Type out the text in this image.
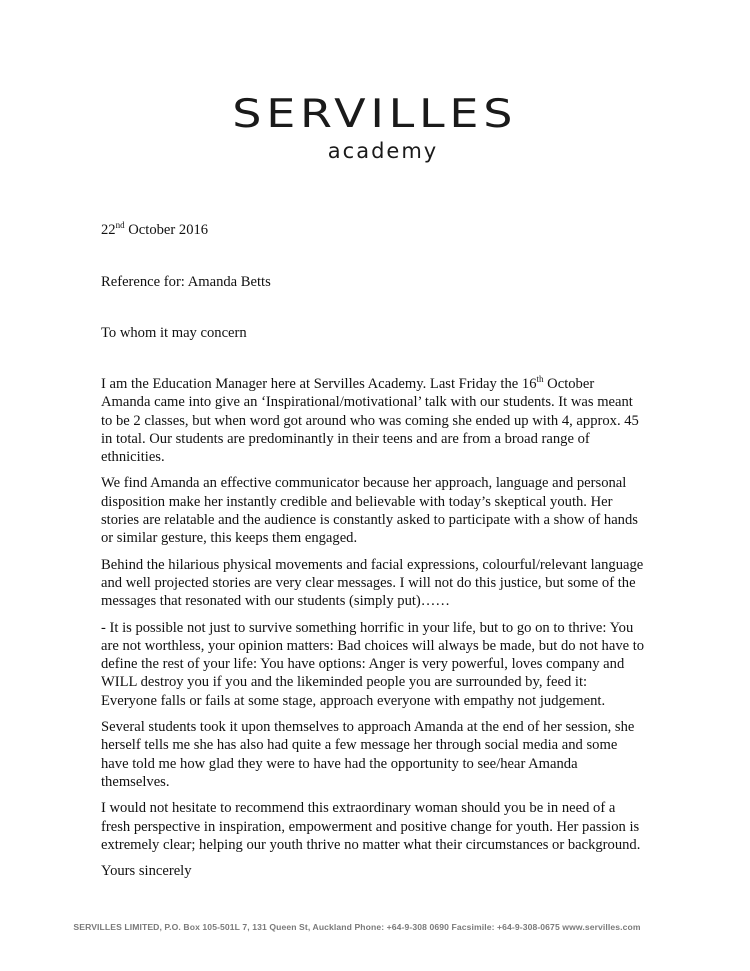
SERVILLES
academy
22nd October 2016
Reference for: Amanda Betts
To whom it may concern

I am the Education Manager here at Servilles Academy. Last Friday the 16th October Amanda came into give an ‘Inspirational/motivational’ talk with our students. It was meant to be 2 classes, but when word got around who was coming she ended up with 4, approx. 45 in total. Our students are predominantly in their teens and are from a broad range of ethnicities.

We find Amanda an effective communicator because her approach, language and personal disposition make her instantly credible and believable with today’s skeptical youth. Her stories are relatable and the audience is constantly asked to participate with a show of hands or similar gesture, this keeps them engaged.

Behind the hilarious physical movements and facial expressions, colourful/relevant language and well projected stories are very clear messages. I will not do this justice, but some of the messages that resonated with our students (simply put)……

- It is possible not just to survive something horrific in your life, but to go on to thrive: You are not worthless, your opinion matters: Bad choices will always be made, but do not have to define the rest of your life: You have options: Anger is very powerful, loves company and WILL destroy you if you and the likeminded people you are surrounded by, feed it: Everyone falls or fails at some stage, approach everyone with empathy not judgement.

Several students took it upon themselves to approach Amanda at the end of her session, she herself tells me she has also had quite a few message her through social media and some have told me how glad they were to have had the opportunity to see/hear Amanda themselves.

I would not hesitate to recommend this extraordinary woman should you be in need of a fresh perspective in inspiration, empowerment and positive change for youth. Her passion is extremely clear; helping our youth thrive no matter what their circumstances or background.

Yours sincerely
SERVILLES LIMITED, P.O. Box 105-501L 7, 131 Queen St, Auckland Phone: +64-9-308 0690 Facsimile: +64-9-308-0675 www.servilles.com
